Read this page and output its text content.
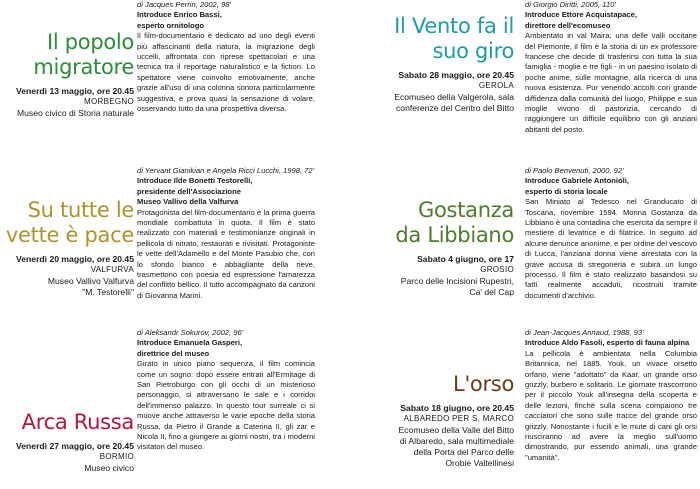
Il popolo
migratore
Venerdì 13 maggio, ore 20.45
MORBEGNO
Museo civico di Storia naturale
di Jacques Perrin, 2002, 98'
Introduce Enrico Bassi,
esperto ornitologo

Il film-documentario è dedicato ad uno degli eventi più affascinanti della natura, la migrazione degli uccelli, affrontata con riprese spettacolari e una tecnica tra il reportage naturalistico e la fiction. Lo spettatore viene coinvolto emotivamente, anche grazie all'uso di una colonna sonora particolarmente suggestiva, e prova quasi la sensazione di volare, osservando tutto da una prospettiva diversa.

Il Vento fa il
suo giro
Sabato 28 maggio, ore 20.45
GEROLA
Ecomuseo della Valgerola, sala
conferenze del Centro del Bitto
di Giorgio Diritti, 2005, 110'
Introduce Ettore Acquistapace,
direttore dell'ecomuseo

Ambientato in val Maira, una delle valli occitane del Piemonte, il film è la storia di un ex professore francese che decide di trasferirsi con tutta la sua famiglia - moglie e tre figli - in un paesino isolato di poche anime, sulle montagne, alla ricerca di una nuova esistenza. Pur venendo accolti con grande diffidenza dalla comunità del luogo, Philippe e sua moglie vivono di pastorizia, cercando di raggiungere un difficile equilibrio con gli anziani abitanti del posto.

Su tutte le
vette è pace
Venerdì 20 maggio, ore 20.45
VALFURVA
Museo Vallivo Valfurva
"M. Testorelli"
di Yervant Gianikian e Angela Ricci Lucchi, 1998, 72'
Introduce Ilde Bonetti Testorelli,
presidente dell'Associazione
Museo Vallivo della Valfurva

Protagonista del film-documentario è la prima guerra mondiale combattuta in quota. Il film è stato realizzato con materiali e testimonianze originali in pellicola di nitrato, restaurati e rivisitati. Protagoniste le vette dell'Adamello e del Monte Pasubio che, con lo sfondo bianco e abbagliante della neve, trasmettono con poesia ed espressione l'amarezza del conflitto bellico. Il tutto accompagnato da canzoni di Giovanna Marini.

Gostanza
da Libbiano
Sabato 4 giugno, ore 17
GROSIO
Parco delle Incisioni Rupestri,
Ca' del Cap
di Paolo Benvenuti, 2000, 92'
Introduce Gabriele Antonioli,
esperto di storia locale

San Miniato al Tedesco nel Granducato di Toscana, novembre 1594. Monna Gostanza da Libbiano è una contadina che esercita da sempre il mestiere di levatrice e di filatrice. In seguito ad alcune denunce anonime, e per ordine del vescovo di Lucca, l'anziana donna viene arrestata con la grave accusa di stregoneria e subirà un lungo processo. Il film è stato realizzato basandosi su fatti realmente accaduti, ricostruiti tramite documenti d'archivio.

Arca Russa
Venerdì 27 maggio, ore 20.45
BORMIO
Museo civico
di Aleksandr Sokurov, 2002, 96'
Introduce Emanuela Gasperi,
direttrice del museo

Girato in unico piano sequenza, il film comincia come un sogno: dopo essere entrati all'Ermitage di San Pietroburgo con gli occhi di un misterioso personaggio, si attraversano le sale e i corridoi dell'immenso palazzo. In questo tour surreale ci si muove anche attraverso le varie epoche della storia Russa, da Pietro il Grande a Caterina II, gli zar e Nicola II, fino a giungere ai giorni nostri, tra i moderni visitatori del museo.

L'orso
Sabato 18 giugno, ore 20.45
ALBAREDO PER S. MARCO
Ecomuseo della Valle del Bitto
di Albaredo, sala multimediale
della Porta del Parco delle
Orobie Valtellinesi
di Jean-Jacques Annaud, 1988, 93'
Introduce Aldo Fasoli, esperto di fauna alpina

La pellicola è ambientata nella Columbia Britannica, nel 1885. Youk, un vivace orsetto orfano, viene "adottato" da Kaar, un grande orso grizzly, burbero e solitario. Le giornate trascorrono per il piccolo Youk all'insegna della scoperta e delle lezioni, finché sulla scena compaiono tre cacciatori che sono sulle tracce del grande orso grizzly. Nonostante i fucili e le mute di cani gli orsi riusciranno ad avere la meglio sull'uomo dimostrando, pur essendo animali, una grande "umanità".
